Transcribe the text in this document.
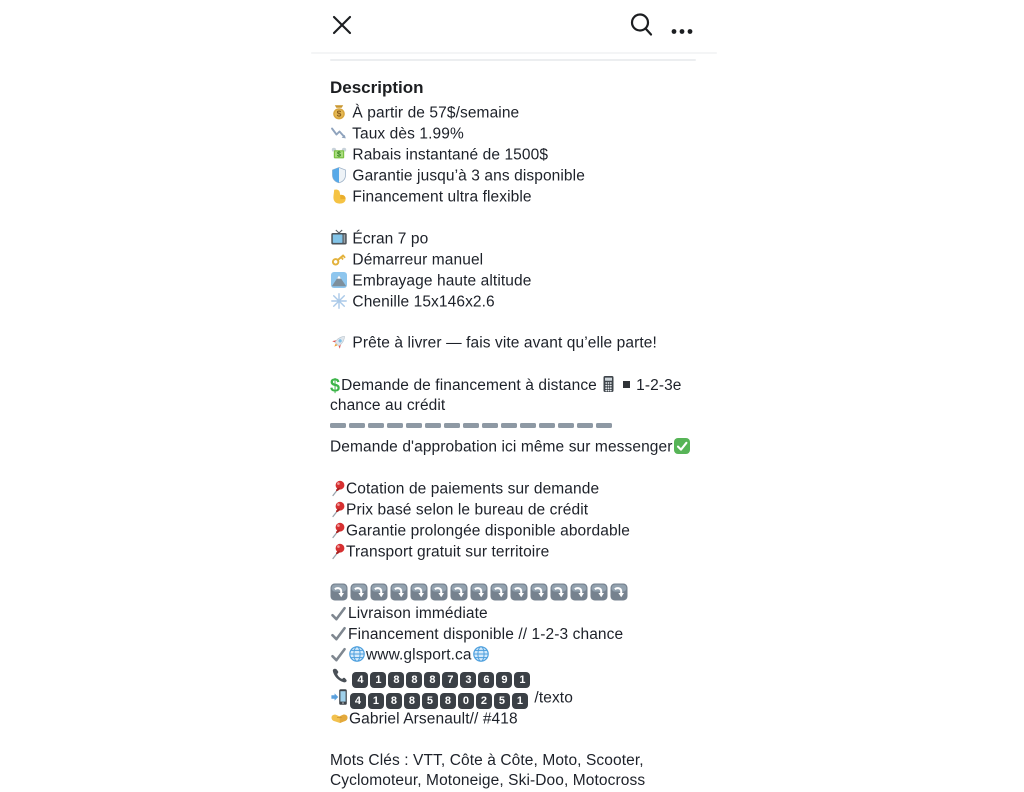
Description
$ À partir de 57$/semaine
Taux dès 1.99%
$ Rabais instantané de 1500$
Garantie jusqu’à 3 ans disponible
Financement ultra flexible
Écran 7 po
Démarreur manuel
Embrayage haute altitude
Chenille 15x146x2.6
Prête à livrer — fais vite avant qu’elle parte!
$Demande de financement à distance
1-2-3e chance au crédit
Demande d'approbation ici même sur messenger
Cotation de paiements sur demande
Prix basé selon le bureau de crédit
Garantie prolongée disponible abordable
Transport gratuit sur territoire
Livraison immédiate
Financement disponible // 1-2-3 chance
www.glsport.ca
4 1 8 8 8 7 3 6 9 1
4 1 8 8 5 8 0 2 5 1 /texto
Gabriel Arsenault// #418
Mots Clés : VTT, Côte à Côte, Moto, Scooter,
Cyclomoteur, Motoneige, Ski-Doo, Motocross
